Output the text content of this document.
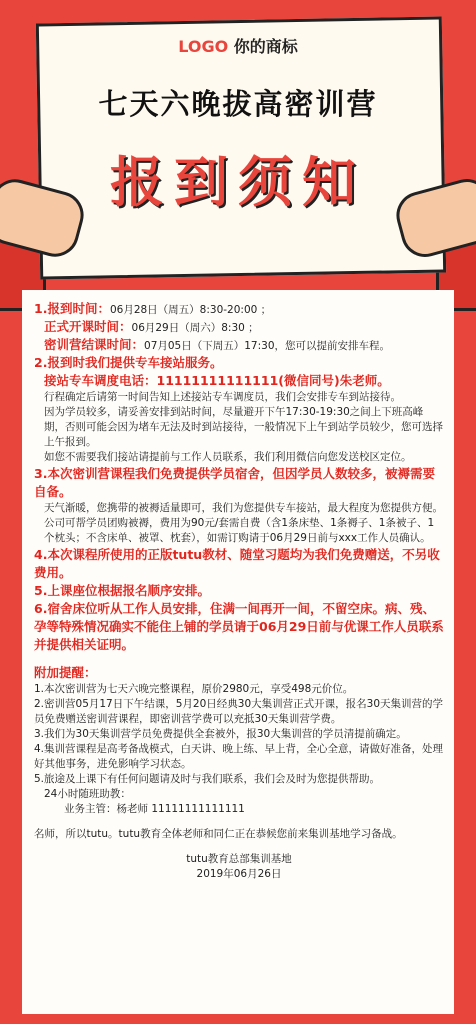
LOGO 你的商标
七天六晚拔高密训营
报到须知

1.报到时间：06月28日（周五）8:30-20:00 ；

正式开课时间：06月29日（周六）8:30 ；

密训营结课时间：07月05日（下周五）17:30，您可以提前安排车程。

2.报到时我们提供专车接站服务。

接站专车调度电话：11111111111111(微信同号)朱老师。

行程确定后请第一时间告知上述接站专车调度员，我们会安排专车到站接待。

因为学员较多，请妥善安排到站时间，尽量避开下午17:30-19:30之间上下班高峰期，否则可能会因为堵车无法及时到站接待，一般情况下上午到站学员较少，您可选择上午报到。

如您不需要我们接站请提前与工作人员联系，我们利用微信向您发送校区定位。

3.本次密训营课程我们免费提供学员宿舍，但因学员人数较多，被褥需要自备。

天气渐暖，您携带的被褥适量即可，我们为您提供专车接站，最大程度为您提供方便。

公司可帮学员团购被褥，费用为90元/套需自费（含1条床垫、1条褥子、1条被子、1个枕头；不含床单、被罩、枕套），如需订购请于06月29日前与xxx工作人员确认。

4.本次课程所使用的正版tutu教材、随堂习题均为我们免费赠送，不另收费用。

5.上课座位根据报名顺序安排。

6.宿舍床位听从工作人员安排，住满一间再开一间，不留空床。病、残、孕等特殊情况确实不能住上铺的学员请于06月29日前与优课工作人员联系并提供相关证明。

附加提醒：

1.本次密训营为七天六晚完整课程，原价2980元，享受498元价位。

2.密训营05月17日下午结课，5月20日经典30大集训营正式开课，报名30天集训营的学员免费赠送密训营课程，即密训营学费可以充抵30天集训营学费。

3.我们为30天集训营学员免费提供全套被外，报30大集训营的学员清提前确定。

4.集训营课程是高考备战模式，白天讲、晚上练、早上背，全心全意，请做好准备，处理好其他事务，进免影响学习状态。

5.旅途及上课下有任何问题请及时与我们联系，我们会及时为您提供帮助。

24小时随班助教：

业务主管：杨老师 11111111111111

名师，所以tutu。tutu教育全体老师和同仁正在恭候您前来集训基地学习备战。

tutu教育总部集训基地

2019年06月26日
